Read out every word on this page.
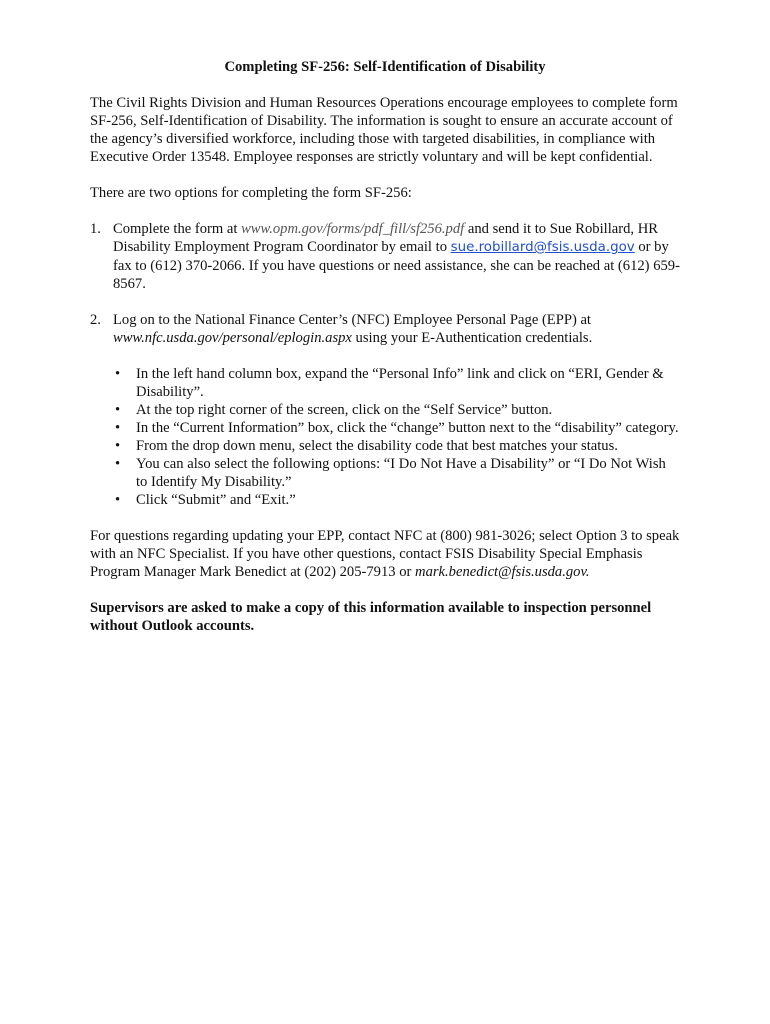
Completing SF-256: Self-Identification of Disability

The Civil Rights Division and Human Resources Operations encourage employees to complete form SF-256, Self-Identification of Disability. The information is sought to ensure an accurate account of the agency’s diversified workforce, including those with targeted disabilities, in compliance with Executive Order 13548. Employee responses are strictly voluntary and will be kept confidential.

There are two options for completing the form SF-256:

1. Complete the form at www.opm.gov/forms/pdf_fill/sf256.pdf and send it to Sue Robillard, HR Disability Employment Program Coordinator by email to sue.robillard@fsis.usda.gov or by fax to (612) 370-2066. If you have questions or need assistance, she can be reached at (612) 659-8567.
2. Log on to the National Finance Center’s (NFC) Employee Personal Page (EPP) at www.nfc.usda.gov/personal/eplogin.aspx using your E-Authentication credentials.
• In the left hand column box, expand the “Personal Info” link and click on “ERI, Gender & Disability”.
• At the top right corner of the screen, click on the “Self Service” button.
• In the “Current Information” box, click the “change” button next to the “disability” category.
• From the drop down menu, select the disability code that best matches your status.
• You can also select the following options: “I Do Not Have a Disability” or “I Do Not Wish to Identify My Disability.”
• Click “Submit” and “Exit.”

For questions regarding updating your EPP, contact NFC at (800) 981-3026; select Option 3 to speak with an NFC Specialist. If you have other questions, contact FSIS Disability Special Emphasis Program Manager Mark Benedict at (202) 205-7913 or mark.benedict@fsis.usda.gov.

Supervisors are asked to make a copy of this information available to inspection personnel without Outlook accounts.
